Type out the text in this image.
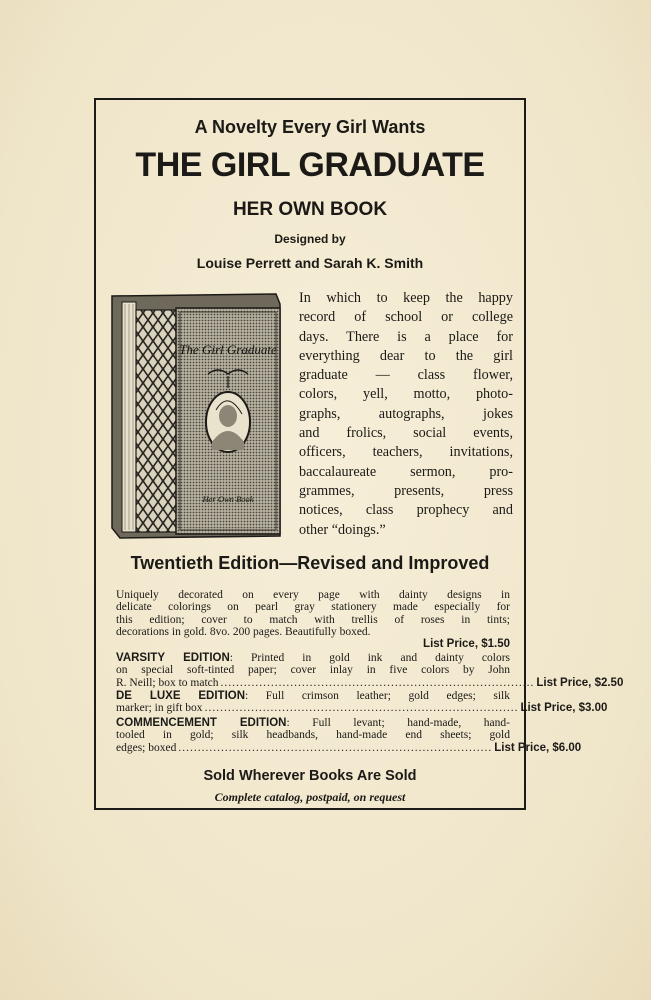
A Novelty Every Girl Wants
THE GIRL GRADUATE
HER OWN BOOK
Designed by
Louise Perrett and Sarah K. Smith
The Girl Graduate
Her Own Book
In which to keep the happy
record of school or college
days. There is a place for
everything dear to the girl
graduate — class flower,
colors, yell, motto, photo-
graphs, autographs, jokes
and frolics, social events,
officers, teachers, invitations,
baccalaureate sermon, pro-
grammes, presents, press
notices, class prophecy and
other “doings.”
Twentieth Edition—Revised and Improved
Uniquely decorated on every page with dainty designs in
delicate colorings on pearl gray stationery made especially for
this edition; cover to match with trellis of roses in tints;
decorations in gold. 8vo. 200 pages. Beautifully boxed.
List Price, $1.50
VARSITY EDITION: Printed in gold ink and dainty colors
on special soft-tinted paper; cover inlay in five colors by John
R. Neill; box to match ................................................................................. List Price, $2.50
DE LUXE EDITION: Full crimson leather; gold edges; silk
marker; in gift box ................................................................................. List Price, $3.00
COMMENCEMENT EDITION: Full levant; hand-made, hand-
tooled in gold; silk headbands, hand-made end sheets; gold
edges; boxed ................................................................................. List Price, $6.00
Sold Wherever Books Are Sold
Complete catalog, postpaid, on request
